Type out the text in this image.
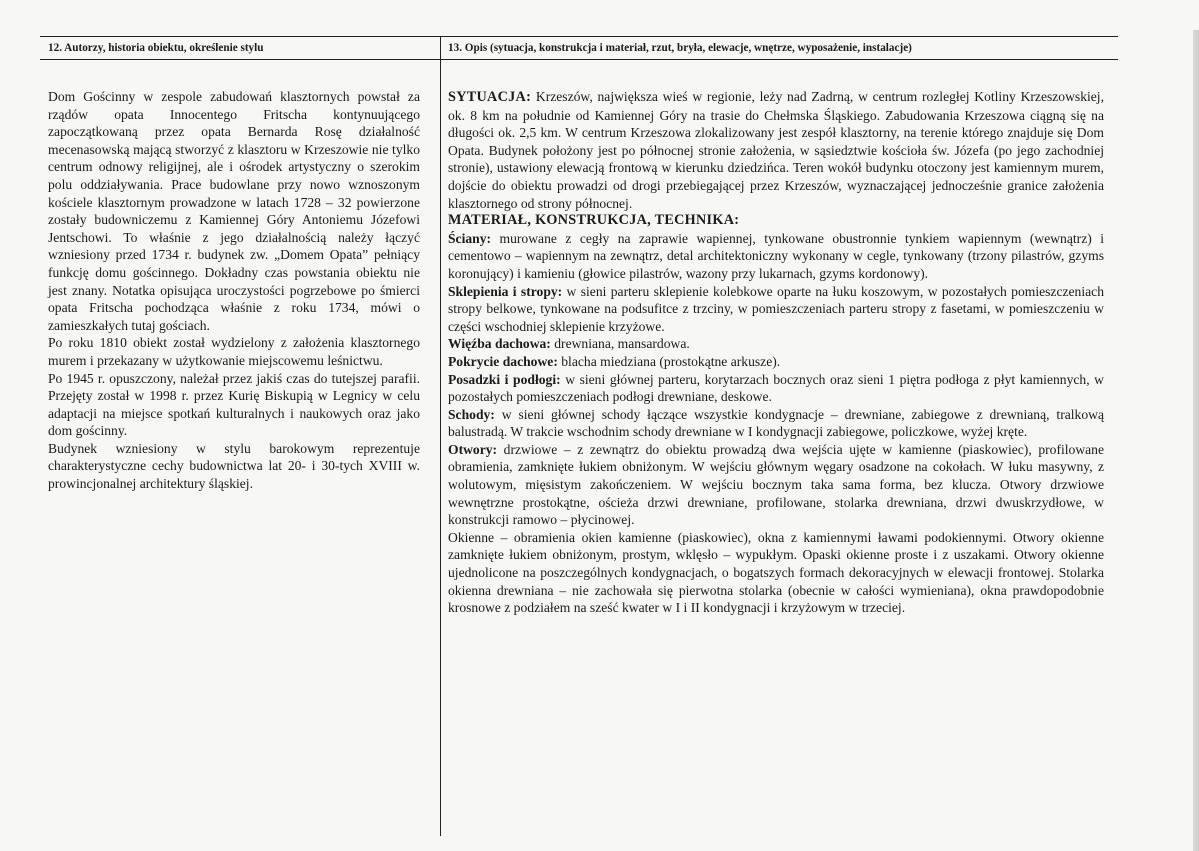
12. Autorzy, historia obiektu, określenie stylu	13. Opis (sytuacja, konstrukcja i materiał, rzut, bryła, elewacje, wnętrze, wyposażenie, instalacje)

Dom Gościnny w zespole zabudowań klasztornych powstał za rządów opata Innocentego Fritscha kontynuującego zapoczątkowaną przez opata Bernarda Rosę działalność mecenasowską mającą stworzyć z klasztoru w Krzeszowie nie tylko centrum odnowy religijnej, ale i ośrodek artystyczny o szerokim polu oddziaływania. Prace budowlane przy nowo wznoszonym kościele klasztornym prowadzone w latach 1728 – 32 powierzone zostały budowniczemu z Kamiennej Góry Antoniemu Józefowi Jentschowi. To właśnie z jego działalnością należy łączyć wzniesiony przed 1734 r. budynek zw. „Domem Opata” pełniący funkcję domu gościnnego. Dokładny czas powstania obiektu nie jest znany. Notatka opisująca uroczystości pogrzebowe po śmierci opata Fritscha pochodząca właśnie z roku 1734, mówi o zamieszkałych tutaj gościach.

Po roku 1810 obiekt został wydzielony z założenia klasztornego murem i przekazany w użytkowanie miejscowemu leśnictwu.

Po 1945 r. opuszczony, należał przez jakiś czas do tutejszej parafii. Przejęty został w 1998 r. przez Kurię Biskupią w Legnicy w celu adaptacji na miejsce spotkań kulturalnych i naukowych oraz jako dom gościnny.

Budynek wzniesiony w stylu barokowym reprezentuje charakterystyczne cechy budownictwa lat 20- i 30-tych XVIII w. prowincjonalnej architektury śląskiej.

SYTUACJA: Krzeszów, największa wieś w regionie, leży nad Zadrną, w centrum rozległej Kotliny Krzeszowskiej, ok. 8 km na południe od Kamiennej Góry na trasie do Chełmska Śląskiego. Zabudowania Krzeszowa ciągną się na długości ok. 2,5 km. W centrum Krzeszowa zlokalizowany jest zespół klasztorny, na terenie którego znajduje się Dom Opata. Budynek położony jest po północnej stronie założenia, w sąsiedztwie kościoła św. Józefa (po jego zachodniej stronie), ustawiony elewacją frontową w kierunku dziedzińca. Teren wokół budynku otoczony jest kamiennym murem, dojście do obiektu prowadzi od drogi przebiegającej przez Krzeszów, wyznaczającej jednocześnie granice założenia klasztornego od strony północnej.

MATERIAŁ, KONSTRUKCJA, TECHNIKA:

Ściany: murowane z cegły na zaprawie wapiennej, tynkowane obustronnie tynkiem wapiennym (wewnątrz) i cementowo – wapiennym na zewnątrz, detal architektoniczny wykonany w cegle, tynkowany (trzony pilastrów, gzyms koronujący) i kamieniu (głowice pilastrów, wazony przy lukarnach, gzyms kordonowy).

Sklepienia i stropy: w sieni parteru sklepienie kolebkowe oparte na łuku koszowym, w pozostałych pomieszczeniach stropy belkowe, tynkowane na podsufitce z trzciny, w pomieszczeniach parteru stropy z fasetami, w pomieszczeniu w części wschodniej sklepienie krzyżowe.

Więźba dachowa: drewniana, mansardowa.

Pokrycie dachowe: blacha miedziana (prostokątne arkusze).

Posadzki i podłogi: w sieni głównej parteru, korytarzach bocznych oraz sieni 1 piętra podłoga z płyt kamiennych, w pozostałych pomieszczeniach podłogi drewniane, deskowe.

Schody: w sieni głównej schody łączące wszystkie kondygnacje – drewniane, zabiegowe z drewnianą, tralkową balustradą. W trakcie wschodnim schody drewniane w I kondygnacji zabiegowe, policzkowe, wyżej kręte.

Otwory: drzwiowe – z zewnątrz do obiektu prowadzą dwa wejścia ujęte w kamienne (piaskowiec), profilowane obramienia, zamknięte łukiem obniżonym. W wejściu głównym węgary osadzone na cokołach. W łuku masywny, z wolutowym, mięsistym zakończeniem. W wejściu bocznym taka sama forma, bez klucza. Otwory drzwiowe wewnętrzne prostokątne, ościeża drzwi drewniane, profilowane, stolarka drewniana, drzwi dwuskrzydłowe, w konstrukcji ramowo – płycinowej.

Okienne – obramienia okien kamienne (piaskowiec), okna z kamiennymi ławami podokiennymi. Otwory okienne zamknięte łukiem obniżonym, prostym, wklęsło – wypukłym. Opaski okienne proste i z uszakami. Otwory okienne ujednolicone na poszczególnych kondygnacjach, o bogatszych formach dekoracyjnych w elewacji frontowej. Stolarka okienna drewniana – nie zachowała się pierwotna stolarka (obecnie w całości wymieniana), okna prawdopodobnie krosnowe z podziałem na sześć kwater w I i II kondygnacji i krzyżowym w trzeciej.
